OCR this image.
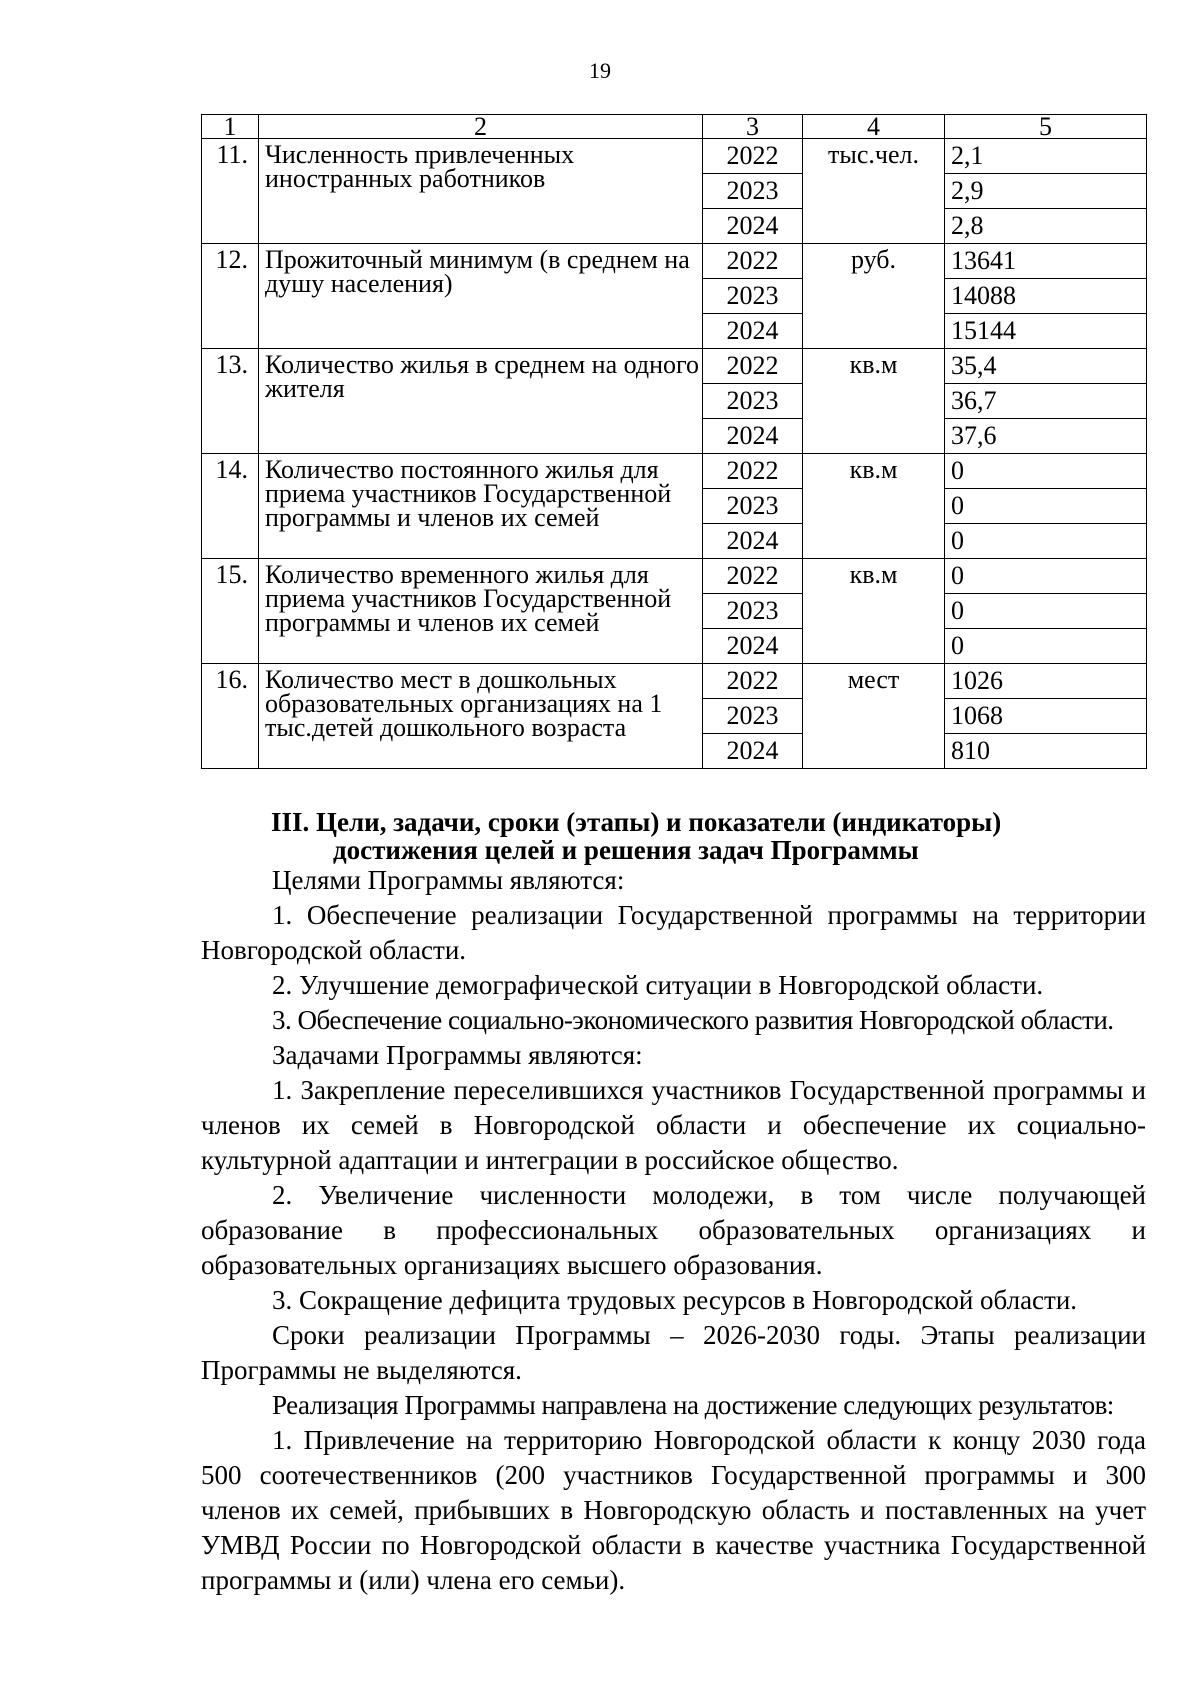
19
1	2	3	4	5
11.	Численность привлеченных иностранных работников	2022	тыс.чел.	2,1
		2023		2,9
		2024		2,8
12.	Прожиточный минимум (в среднем на душу населения)	2022	руб.	13641
		2023		14088
		2024		15144
13.	Количество жилья в среднем на одного жителя	2022	кв.м	35,4
		2023		36,7
		2024		37,6
14.	Количество постоянного жилья для приема участников Государственной программы и членов их семей	2022	кв.м	0
		2023		0
		2024		0
15.	Количество временного жилья для приема участников Государственной программы и членов их семей	2022	кв.м	0
		2023		0
		2024		0
16.	Количество мест в дошкольных образовательных организациях на 1 тыс.детей дошкольного возраста	2022	мест	1026
		2023		1068
		2024		810
III. Цели, задачи, сроки (этапы) и показатели (индикаторы)
достижения целей и решения задач Программы

Целями Программы являются:

1. Обеспечение реализации Государственной программы на территории Новгородской области.

2. Улучшение демографической ситуации в Новгородской области.

3. Обеспечение социально-экономического развития Новгородской области.

Задачами Программы являются:

1. Закрепление переселившихся участников Государственной программы и членов их семей в Новгородской области и обеспечение их социально-культурной адаптации и интеграции в российское общество.

2. Увеличение численности молодежи, в том числе получающей образование в профессиональных образовательных организациях и образовательных организациях высшего образования.

3. Сокращение дефицита трудовых ресурсов в Новгородской области.

Сроки реализации Программы – 2026-2030 годы. Этапы реализации Программы не выделяются.

Реализация Программы направлена на достижение следующих результатов:

1. Привлечение на территорию Новгородской области к концу 2030 года 500 соотечественников (200 участников Государственной программы и 300 членов их семей, прибывших в Новгородскую область и поставленных на учет УМВД России по Новгородской области в качестве участника Государственной программы и (или) члена его семьи).
